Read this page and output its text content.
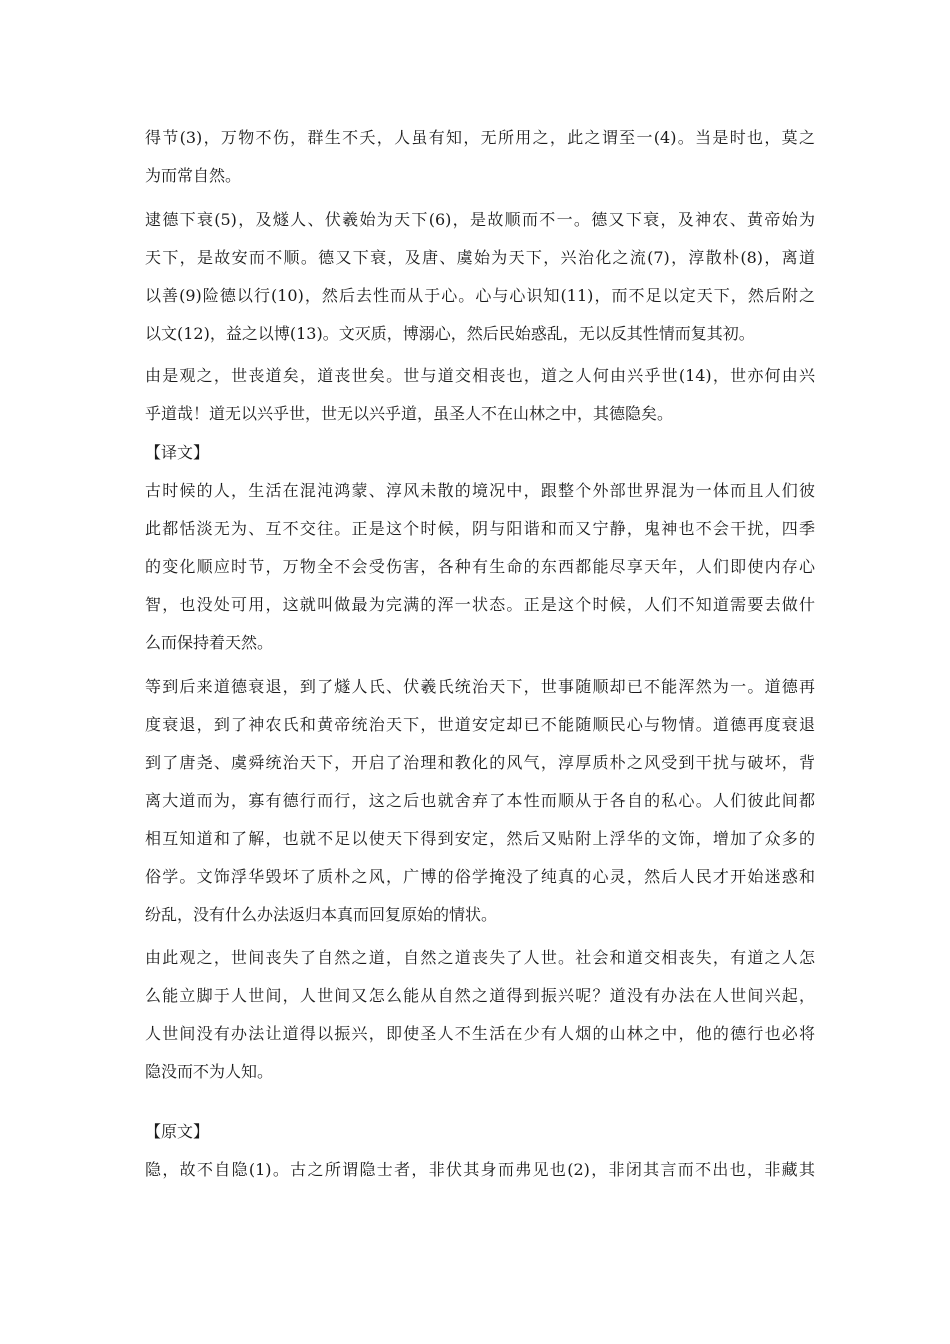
得节(3)，万物不伤，群生不夭，人虽有知，无所用之，此之谓至一(4)。当是时也，莫之

为而常自然。

逮德下衰(5)，及燧人、伏羲始为天下(6)，是故顺而不一。德又下衰，及神农、黄帝始为

天下，是故安而不顺。德又下衰，及唐、虞始为天下，兴治化之流(7)，淳散朴(8)，离道

以善(9)险德以行(10)，然后去性而从于心。心与心识知(11)，而不足以定天下，然后附之

以文(12)，益之以博(13)。文灭质，博溺心，然后民始惑乱，无以反其性情而复其初。

由是观之，世丧道矣，道丧世矣。世与道交相丧也，道之人何由兴乎世(14)，世亦何由兴

乎道哉！道无以兴乎世，世无以兴乎道，虽圣人不在山林之中，其德隐矣。

【译文】

古时候的人，生活在混沌鸿蒙、淳风未散的境况中，跟整个外部世界混为一体而且人们彼

此都恬淡无为、互不交往。正是这个时候，阴与阳谐和而又宁静，鬼神也不会干扰，四季

的变化顺应时节，万物全不会受伤害，各种有生命的东西都能尽享天年，人们即使内存心

智，也没处可用，这就叫做最为完满的浑一状态。正是这个时候，人们不知道需要去做什

么而保持着天然。

等到后来道德衰退，到了燧人氏、伏羲氏统治天下，世事随顺却已不能浑然为一。道德再

度衰退，到了神农氏和黄帝统治天下，世道安定却已不能随顺民心与物情。道德再度衰退

到了唐尧、虞舜统治天下，开启了治理和教化的风气，淳厚质朴之风受到干扰与破坏，背

离大道而为，寡有德行而行，这之后也就舍弃了本性而顺从于各自的私心。人们彼此间都

相互知道和了解，也就不足以使天下得到安定，然后又贴附上浮华的文饰，增加了众多的

俗学。文饰浮华毁坏了质朴之风，广博的俗学掩没了纯真的心灵，然后人民才开始迷惑和

纷乱，没有什么办法返归本真而回复原始的情状。

由此观之，世间丧失了自然之道，自然之道丧失了人世。社会和道交相丧失，有道之人怎

么能立脚于人世间，人世间又怎么能从自然之道得到振兴呢？道没有办法在人世间兴起，

人世间没有办法让道得以振兴，即使圣人不生活在少有人烟的山林之中，他的德行也必将

隐没而不为人知。

【原文】

隐，故不自隐(1)。古之所谓隐士者，非伏其身而弗见也(2)，非闭其言而不出也，非藏其
